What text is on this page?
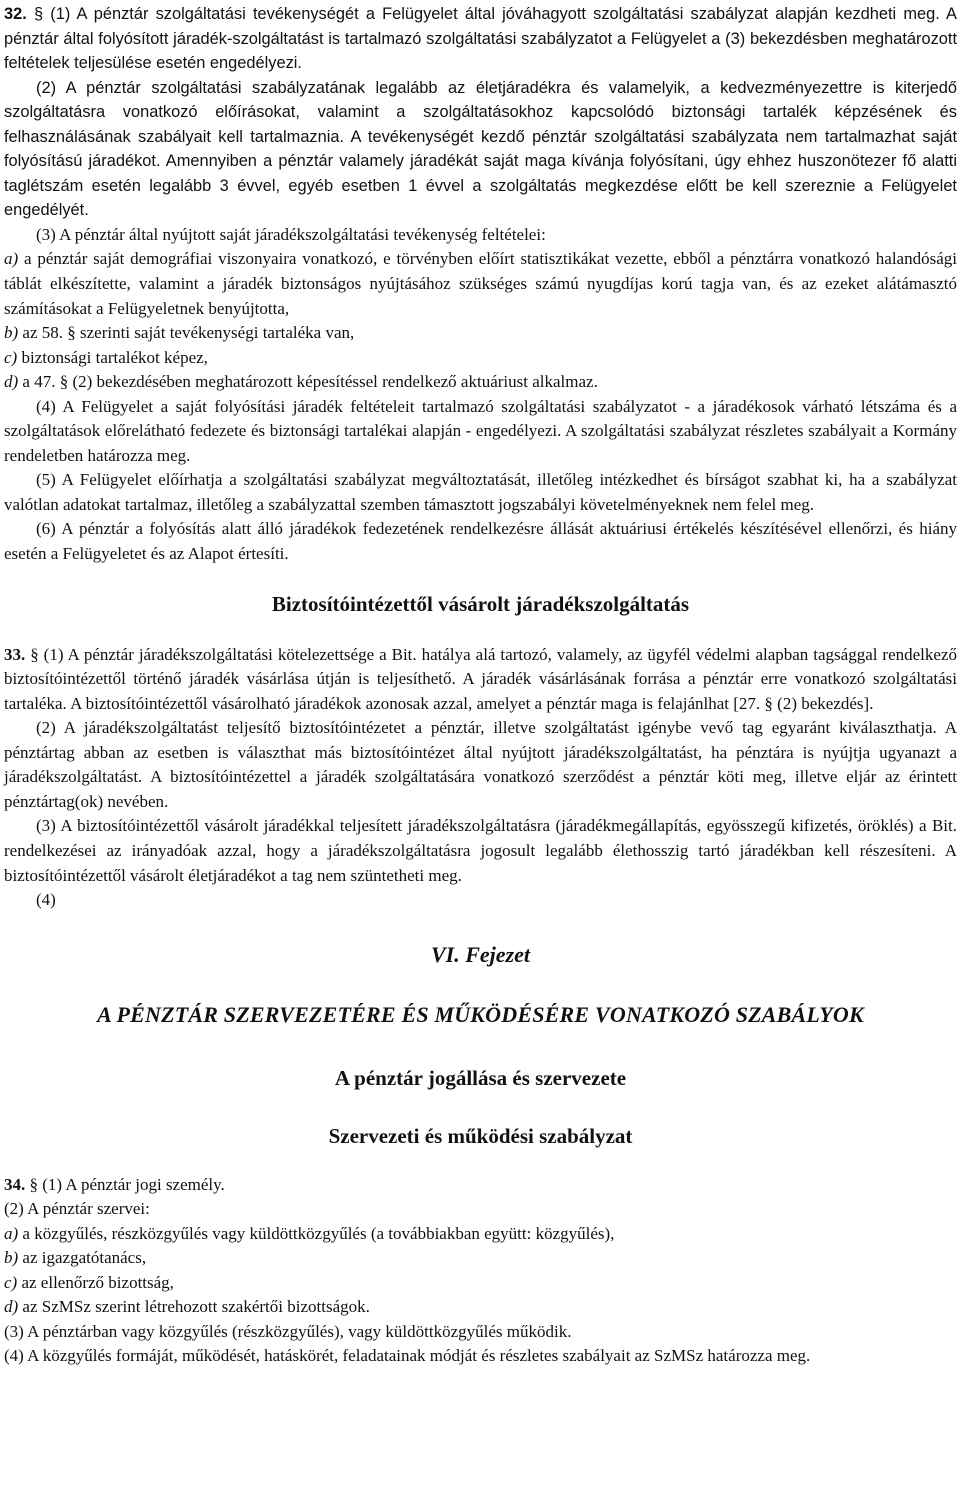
32. § (1) A pénztár szolgáltatási tevékenységét a Felügyelet által jóváhagyott szolgáltatási szabályzat alapján kezdheti meg. A pénztár által folyósított járadék-szolgáltatást is tartalmazó szolgáltatási szabályzatot a Felügyelet a (3) bekezdésben meghatározott feltételek teljesülése esetén engedélyezi.

(2) A pénztár szolgáltatási szabályzatának legalább az életjáradékra és valamelyik, a kedvezményezettre is kiterjedő szolgáltatásra vonatkozó előírásokat, valamint a szolgáltatásokhoz kapcsolódó biztonsági tartalék képzésének és felhasználásának szabályait kell tartalmaznia. A tevékenységét kezdő pénztár szolgáltatási szabályzata nem tartalmazhat saját folyósítású járadékot. Amennyiben a pénztár valamely járadékát saját maga kívánja folyósítani, úgy ehhez huszonötezer fő alatti taglétszám esetén legalább 3 évvel, egyéb esetben 1 évvel a szolgáltatás megkezdése előtt be kell szereznie a Felügyelet engedélyét.

(3) A pénztár által nyújtott saját járadékszolgáltatási tevékenység feltételei:

a) a pénztár saját demográfiai viszonyaira vonatkozó, e törvényben előírt statisztikákat vezette, ebből a pénztárra vonatkozó halandósági táblát elkészítette, valamint a járadék biztonságos nyújtásához szükséges számú nyugdíjas korú tagja van, és az ezeket alátámasztó számításokat a Felügyeletnek benyújtotta,

b) az 58. § szerinti saját tevékenységi tartaléka van,

c) biztonsági tartalékot képez,

d) a 47. § (2) bekezdésében meghatározott képesítéssel rendelkező aktuáriust alkalmaz.

(4) A Felügyelet a saját folyósítási járadék feltételeit tartalmazó szolgáltatási szabályzatot - a járadékosok várható létszáma és a szolgáltatások előrelátható fedezete és biztonsági tartalékai alapján - engedélyezi. A szolgáltatási szabályzat részletes szabályait a Kormány rendeletben határozza meg.

(5) A Felügyelet előírhatja a szolgáltatási szabályzat megváltoztatását, illetőleg intézkedhet és bírságot szabhat ki, ha a szabályzat valótlan adatokat tartalmaz, illetőleg a szabályzattal szemben támasztott jogszabályi követelményeknek nem felel meg.

(6) A pénztár a folyósítás alatt álló járadékok fedezetének rendelkezésre állását aktuáriusi értékelés készítésével ellenőrzi, és hiány esetén a Felügyeletet és az Alapot értesíti.

Biztosítóintézettől vásárolt járadékszolgáltatás

33. § (1) A pénztár járadékszolgáltatási kötelezettsége a Bit. hatálya alá tartozó, valamely, az ügyfél védelmi alapban tagsággal rendelkező biztosítóintézettől történő járadék vásárlása útján is teljesíthető. A járadék vásárlásának forrása a pénztár erre vonatkozó szolgáltatási tartaléka. A biztosítóintézettől vásárolható járadékok azonosak azzal, amelyet a pénztár maga is felajánlhat [27. § (2) bekezdés].

(2) A járadékszolgáltatást teljesítő biztosítóintézetet a pénztár, illetve szolgáltatást igénybe vevő tag egyaránt kiválaszthatja. A pénztártag abban az esetben is választhat más biztosítóintézet által nyújtott járadékszolgáltatást, ha pénztára is nyújtja ugyanazt a járadékszolgáltatást. A biztosítóintézettel a járadék szolgáltatására vonatkozó szerződést a pénztár köti meg, illetve eljár az érintett pénztártag(ok) nevében.

(3) A biztosítóintézettől vásárolt járadékkal teljesített járadékszolgáltatásra (járadékmegállapítás, egyösszegű kifizetés, öröklés) a Bit. rendelkezései az irányadóak azzal, hogy a járadékszolgáltatásra jogosult legalább élethosszig tartó járadékban kell részesíteni. A biztosítóintézettől vásárolt életjáradékot a tag nem szüntetheti meg.

(4)

VI. Fejezet
A PÉNZTÁR SZERVEZETÉRE ÉS MŰKÖDÉSÉRE VONATKOZÓ SZABÁLYOK
A pénztár jogállása és szervezete
Szervezeti és működési szabályzat

34. § (1) A pénztár jogi személy.

(2) A pénztár szervei:

a) a közgyűlés, részközgyűlés vagy küldöttközgyűlés (a továbbiakban együtt: közgyűlés),

b) az igazgatótanács,

c) az ellenőrző bizottság,

d) az SzMSz szerint létrehozott szakértői bizottságok.

(3) A pénztárban vagy közgyűlés (részközgyűlés), vagy küldöttközgyűlés működik.

(4) A közgyűlés formáját, működését, hatáskörét, feladatainak módját és részletes szabályait az SzMSz határozza meg.
